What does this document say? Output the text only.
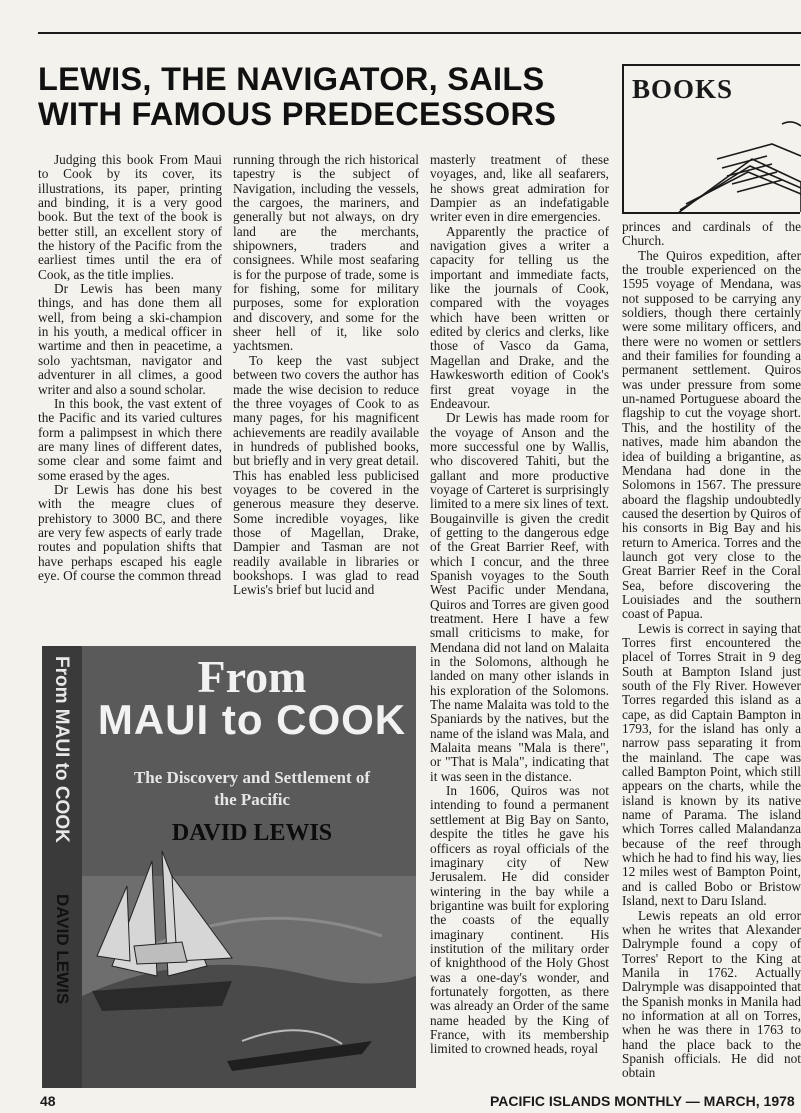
LEWIS, THE NAVIGATOR, SAILS
WITH FAMOUS PREDECESSORS
BOOKS

Judging this book From Maui to Cook by its cover, its illustrations, its paper, printing and binding, it is a very good book. But the text of the book is better still, an excellent story of the history of the Pacific from the earliest times until the era of Cook, as the title implies.

Dr Lewis has been many things, and has done them all well, from being a ski-champion in his youth, a medical officer in wartime and then in peacetime, a solo yachtsman, navigator and adventurer in all climes, a good writer and also a sound scholar.

In this book, the vast extent of the Pacific and its varied cultures form a palimpsest in which there are many lines of different dates, some clear and some faimt and some erased by the ages.

Dr Lewis has done his best with the meagre clues of prehistory to 3000 BC, and there are very few aspects of early trade routes and population shifts that have perhaps escaped his eagle eye. Of course the common thread

running through the rich historical tapestry is the subject of Navigation, including the vessels, the cargoes, the mariners, and generally but not always, on dry land are the merchants, shipowners, traders and consignees. While most seafaring is for the purpose of trade, some is for fishing, some for military purposes, some for exploration and discovery, and some for the sheer hell of it, like solo yachtsmen.

To keep the vast subject between two covers the author has made the wise decision to reduce the three voyages of Cook to as many pages, for his magnificent achievements are readily available in hundreds of published books, but briefly and in very great detail. This has enabled less publicised voyages to be covered in the generous measure they deserve. Some incredible voyages, like those of Magellan, Drake, Dampier and Tasman are not readily available in libraries or bookshops. I was glad to read Lewis's brief but lucid and

masterly treatment of these voyages, and, like all seafarers, he shows great admiration for Dampier as an indefatigable writer even in dire emergencies.

Apparently the practice of navigation gives a writer a capacity for telling us the important and immediate facts, like the journals of Cook, compared with the voyages which have been written or edited by clerics and clerks, like those of Vasco da Gama, Magellan and Drake, and the Hawkesworth edition of Cook's first great voyage in the Endeavour.

Dr Lewis has made room for the voyage of Anson and the more successful one by Wallis, who discovered Tahiti, but the gallant and more productive voyage of Carteret is surprisingly limited to a mere six lines of text. Bougainville is given the credit of getting to the dangerous edge of the Great Barrier Reef, with which I concur, and the three Spanish voyages to the South West Pacific under Mendana, Quiros and Torres are given good treatment. Here I have a few small criticisms to make, for Mendana did not land on Malaita in the Solomons, although he landed on many other islands in his exploration of the Solomons. The name Malaita was told to the Spaniards by the natives, but the name of the island was Mala, and Malaita means "Mala is there", or "That is Mala", indicating that it was seen in the distance.

In 1606, Quiros was not intending to found a permanent settlement at Big Bay on Santo, despite the titles he gave his officers as royal officials of the imaginary city of New Jerusalem. He did consider wintering in the bay while a brigantine was built for exploring the coasts of the equally imaginary continent. His institution of the military order of knighthood of the Holy Ghost was a one-day's wonder, and fortunately forgotten, as there was already an Order of the same name headed by the King of France, with its membership limited to crowned heads, royal

princes and cardinals of the Church.

The Quiros expedition, after the trouble experienced on the 1595 voyage of Mendana, was not supposed to be carrying any soldiers, though there certainly were some military officers, and there were no women or settlers and their families for founding a permanent settlement. Quiros was under pressure from some un-named Portuguese aboard the flagship to cut the voyage short. This, and the hostility of the natives, made him abandon the idea of building a brigantine, as Mendana had done in the Solomons in 1567. The pressure aboard the flagship undoubtedly caused the desertion by Quiros of his consorts in Big Bay and his return to America. Torres and the launch got very close to the Great Barrier Reef in the Coral Sea, before discovering the Louisiades and the southern coast of Papua.

Lewis is correct in saying that Torres first encountered the placel of Torres Strait in 9 deg South at Bampton Island just south of the Fly River. However Torres regarded this island as a cape, as did Captain Bampton in 1793, for the island has only a narrow pass separating it from the mainland. The cape was called Bampton Point, which still appears on the charts, while the island is known by its native name of Parama. The island which Torres called Malandanza because of the reef through which he had to find his way, lies 12 miles west of Bampton Point, and is called Bobo or Bristow Island, next to Daru Island.

Lewis repeats an old error when he writes that Alexander Dalrymple found a copy of Torres' Report to the King at Manila in 1762. Actually Dalrymple was disappointed that the Spanish monks in Manila had no information at all on Torres, when he was there in 1763 to hand the place back to the Spanish officials. He did not obtain

From MAUI to COOK
DAVID LEWIS
From
MAUI to COOK
The Discovery and Settlement of
the Pacific
DAVID LEWIS
48	PACIFIC ISLANDS MONTHLY — MARCH, 1978
